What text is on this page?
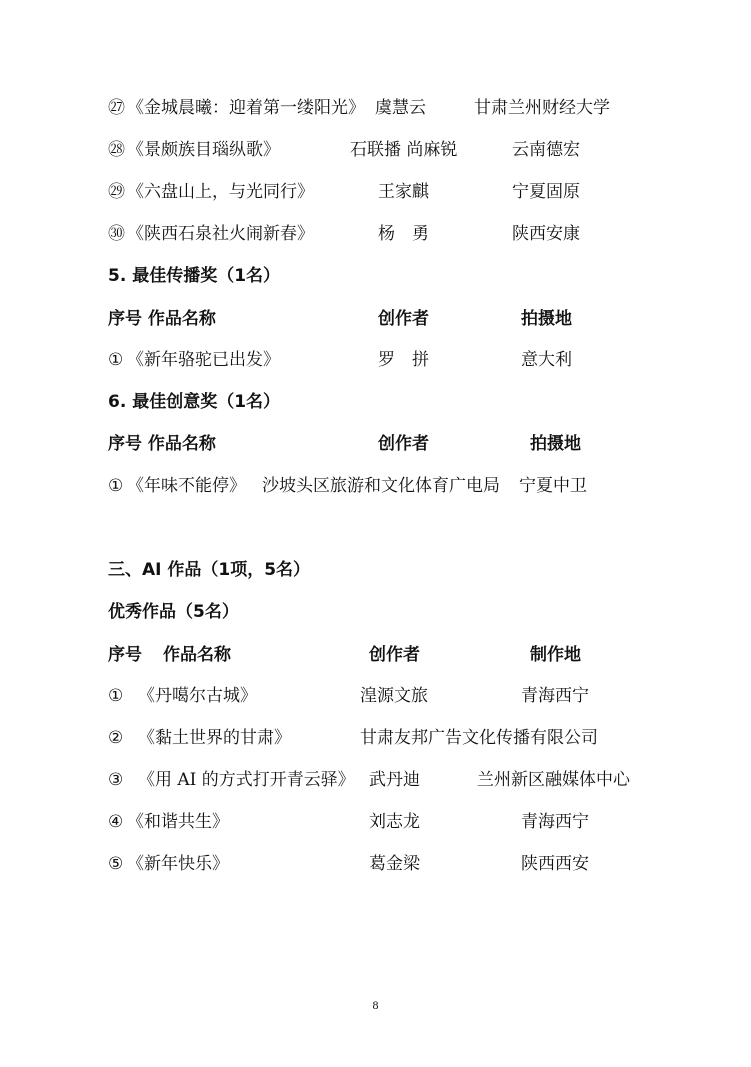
㉗ 《金城晨曦：迎着第一缕阳光》 虞慧云	甘肃兰州财经大学
㉘ 《景颇族目瑙纵歌》	石联播 尚麻锐	云南德宏
㉙ 《六盘山上，与光同行》	王家麒	宁夏固原
㉚ 《陕西石泉社火闹新春》	杨　勇	陕西安康
5. 最佳传播奖（1名）
序号 作品名称	创作者	拍摄地
① 《新年骆驼已出发》	罗　拼	意大利
6. 最佳创意奖（1名）
序号 作品名称	创作者	拍摄地
① 《年味不能停》 沙坡头区旅游和文化体育广电局 宁夏中卫
三、AI 作品（1项，5名）
优秀作品（5名）
序号 作品名称	创作者	制作地
① 《丹噶尔古城》	湟源文旅	青海西宁
② 《黏土世界的甘肃》	甘肃友邦广告文化传播有限公司
③ 《用 AI 的方式打开青云驿》 武丹迪	兰州新区融媒体中心
④ 《和谐共生》	刘志龙	青海西宁
⑤ 《新年快乐》	葛金梁	陕西西安
8
